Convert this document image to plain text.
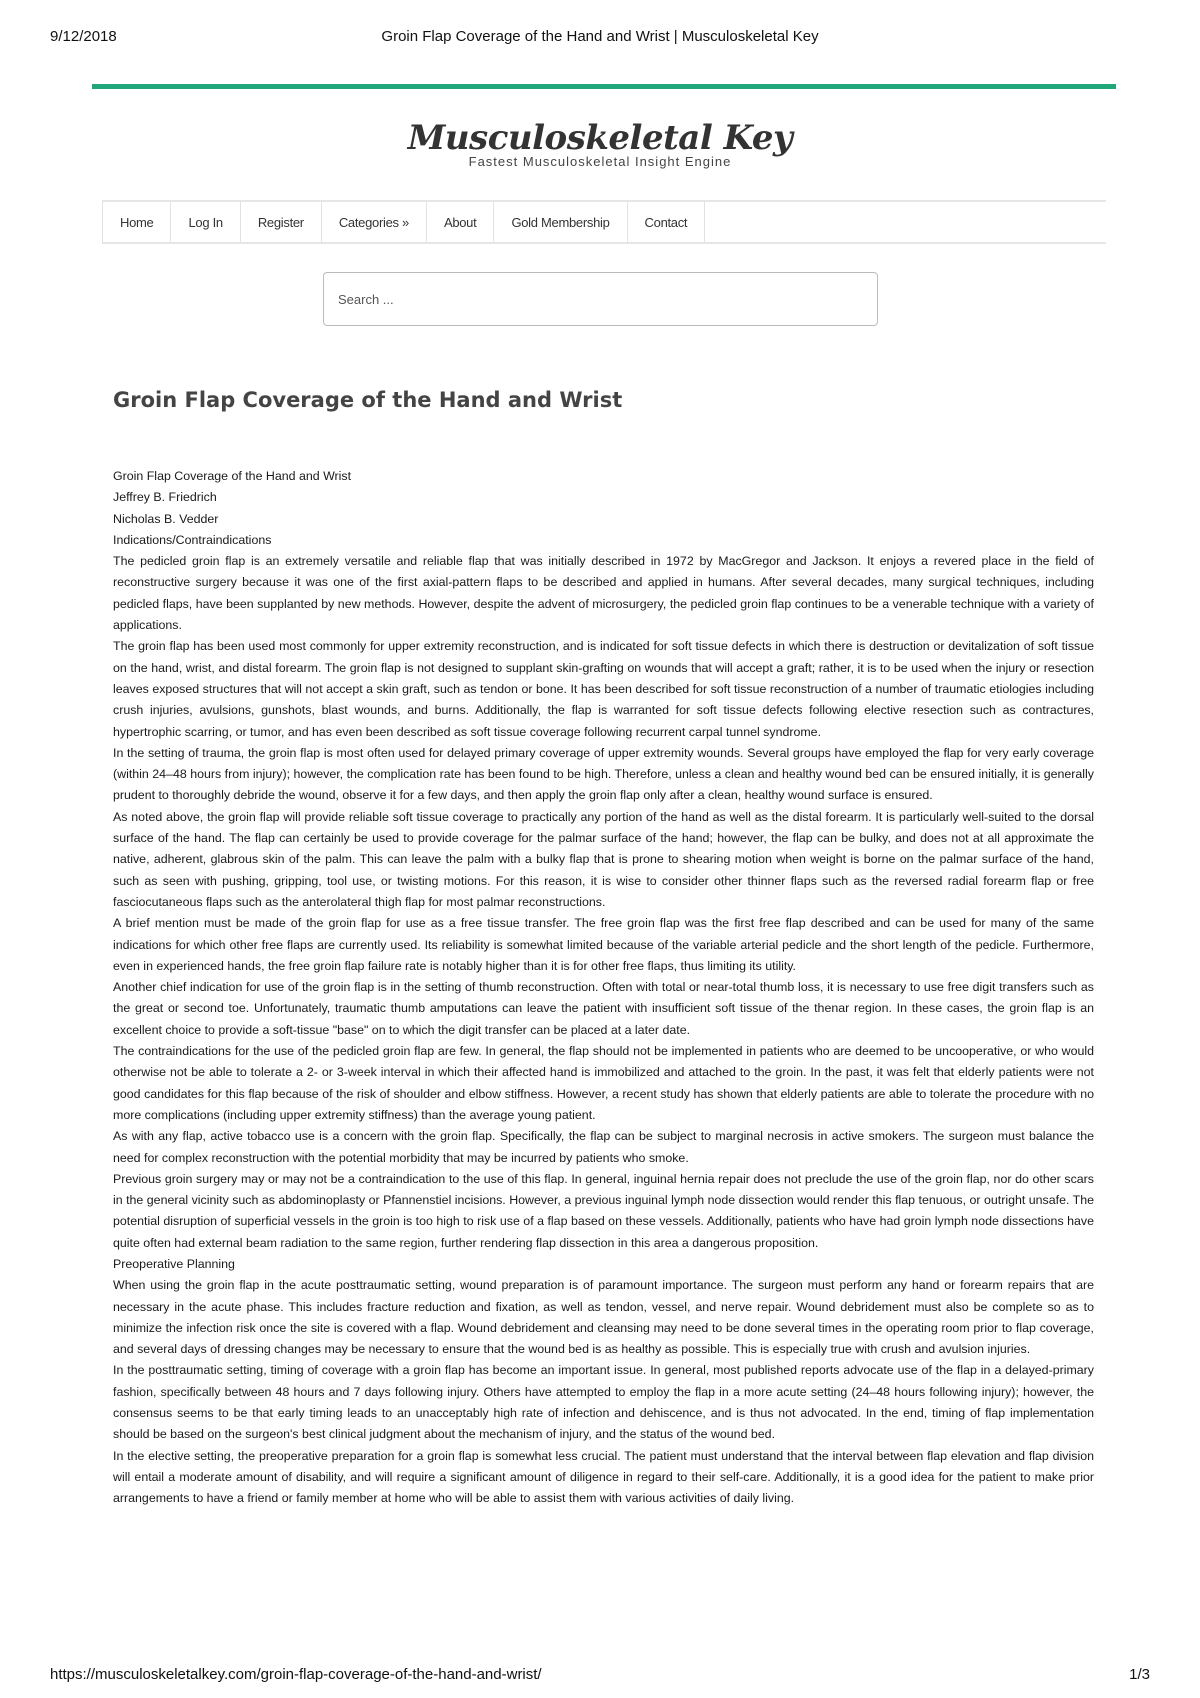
9/12/2018	Groin Flap Coverage of the Hand and Wrist | Musculoskeletal Key
Musculoskeletal Key
Fastest Musculoskeletal Insight Engine
Home	Log In	Register	Categories »	About	Gold Membership	Contact
Search ...
Groin Flap Coverage of the Hand and Wrist
Groin Flap Coverage of the Hand and Wrist
Jeffrey B. Friedrich
Nicholas B. Vedder
Indications/Contraindications

The pedicled groin flap is an extremely versatile and reliable flap that was initially described in 1972 by MacGregor and Jackson. It enjoys a revered place in the field of reconstructive surgery because it was one of the first axial-pattern flaps to be described and applied in humans. After several decades, many surgical techniques, including pedicled flaps, have been supplanted by new methods. However, despite the advent of microsurgery, the pedicled groin flap continues to be a venerable technique with a variety of applications.

The groin flap has been used most commonly for upper extremity reconstruction, and is indicated for soft tissue defects in which there is destruction or devitalization of soft tissue on the hand, wrist, and distal forearm. The groin flap is not designed to supplant skin-grafting on wounds that will accept a graft; rather, it is to be used when the injury or resection leaves exposed structures that will not accept a skin graft, such as tendon or bone. It has been described for soft tissue reconstruction of a number of traumatic etiologies including crush injuries, avulsions, gunshots, blast wounds, and burns. Additionally, the flap is warranted for soft tissue defects following elective resection such as contractures, hypertrophic scarring, or tumor, and has even been described as soft tissue coverage following recurrent carpal tunnel syndrome.

In the setting of trauma, the groin flap is most often used for delayed primary coverage of upper extremity wounds. Several groups have employed the flap for very early coverage (within 24–48 hours from injury); however, the complication rate has been found to be high. Therefore, unless a clean and healthy wound bed can be ensured initially, it is generally prudent to thoroughly debride the wound, observe it for a few days, and then apply the groin flap only after a clean, healthy wound surface is ensured.

As noted above, the groin flap will provide reliable soft tissue coverage to practically any portion of the hand as well as the distal forearm. It is particularly well-suited to the dorsal surface of the hand. The flap can certainly be used to provide coverage for the palmar surface of the hand; however, the flap can be bulky, and does not at all approximate the native, adherent, glabrous skin of the palm. This can leave the palm with a bulky flap that is prone to shearing motion when weight is borne on the palmar surface of the hand, such as seen with pushing, gripping, tool use, or twisting motions. For this reason, it is wise to consider other thinner flaps such as the reversed radial forearm flap or free fasciocutaneous flaps such as the anterolateral thigh flap for most palmar reconstructions.

A brief mention must be made of the groin flap for use as a free tissue transfer. The free groin flap was the first free flap described and can be used for many of the same indications for which other free flaps are currently used. Its reliability is somewhat limited because of the variable arterial pedicle and the short length of the pedicle. Furthermore, even in experienced hands, the free groin flap failure rate is notably higher than it is for other free flaps, thus limiting its utility.

Another chief indication for use of the groin flap is in the setting of thumb reconstruction. Often with total or near-total thumb loss, it is necessary to use free digit transfers such as the great or second toe. Unfortunately, traumatic thumb amputations can leave the patient with insufficient soft tissue of the thenar region. In these cases, the groin flap is an excellent choice to provide a soft-tissue "base" on to which the digit transfer can be placed at a later date.

The contraindications for the use of the pedicled groin flap are few. In general, the flap should not be implemented in patients who are deemed to be uncooperative, or who would otherwise not be able to tolerate a 2- or 3-week interval in which their affected hand is immobilized and attached to the groin. In the past, it was felt that elderly patients were not good candidates for this flap because of the risk of shoulder and elbow stiffness. However, a recent study has shown that elderly patients are able to tolerate the procedure with no more complications (including upper extremity stiffness) than the average young patient.

As with any flap, active tobacco use is a concern with the groin flap. Specifically, the flap can be subject to marginal necrosis in active smokers. The surgeon must balance the need for complex reconstruction with the potential morbidity that may be incurred by patients who smoke.

Previous groin surgery may or may not be a contraindication to the use of this flap. In general, inguinal hernia repair does not preclude the use of the groin flap, nor do other scars in the general vicinity such as abdominoplasty or Pfannenstiel incisions. However, a previous inguinal lymph node dissection would render this flap tenuous, or outright unsafe. The potential disruption of superficial vessels in the groin is too high to risk use of a flap based on these vessels. Additionally, patients who have had groin lymph node dissections have quite often had external beam radiation to the same region, further rendering flap dissection in this area a dangerous proposition.

Preoperative Planning

When using the groin flap in the acute posttraumatic setting, wound preparation is of paramount importance. The surgeon must perform any hand or forearm repairs that are necessary in the acute phase. This includes fracture reduction and fixation, as well as tendon, vessel, and nerve repair. Wound debridement must also be complete so as to minimize the infection risk once the site is covered with a flap. Wound debridement and cleansing may need to be done several times in the operating room prior to flap coverage, and several days of dressing changes may be necessary to ensure that the wound bed is as healthy as possible. This is especially true with crush and avulsion injuries.

In the posttraumatic setting, timing of coverage with a groin flap has become an important issue. In general, most published reports advocate use of the flap in a delayed-primary fashion, specifically between 48 hours and 7 days following injury. Others have attempted to employ the flap in a more acute setting (24–48 hours following injury); however, the consensus seems to be that early timing leads to an unacceptably high rate of infection and dehiscence, and is thus not advocated. In the end, timing of flap implementation should be based on the surgeon's best clinical judgment about the mechanism of injury, and the status of the wound bed.

In the elective setting, the preoperative preparation for a groin flap is somewhat less crucial. The patient must understand that the interval between flap elevation and flap division will entail a moderate amount of disability, and will require a significant amount of diligence in regard to their self-care. Additionally, it is a good idea for the patient to make prior arrangements to have a friend or family member at home who will be able to assist them with various activities of daily living.

https://musculoskeletalkey.com/groin-flap-coverage-of-the-hand-and-wrist/	1/3
